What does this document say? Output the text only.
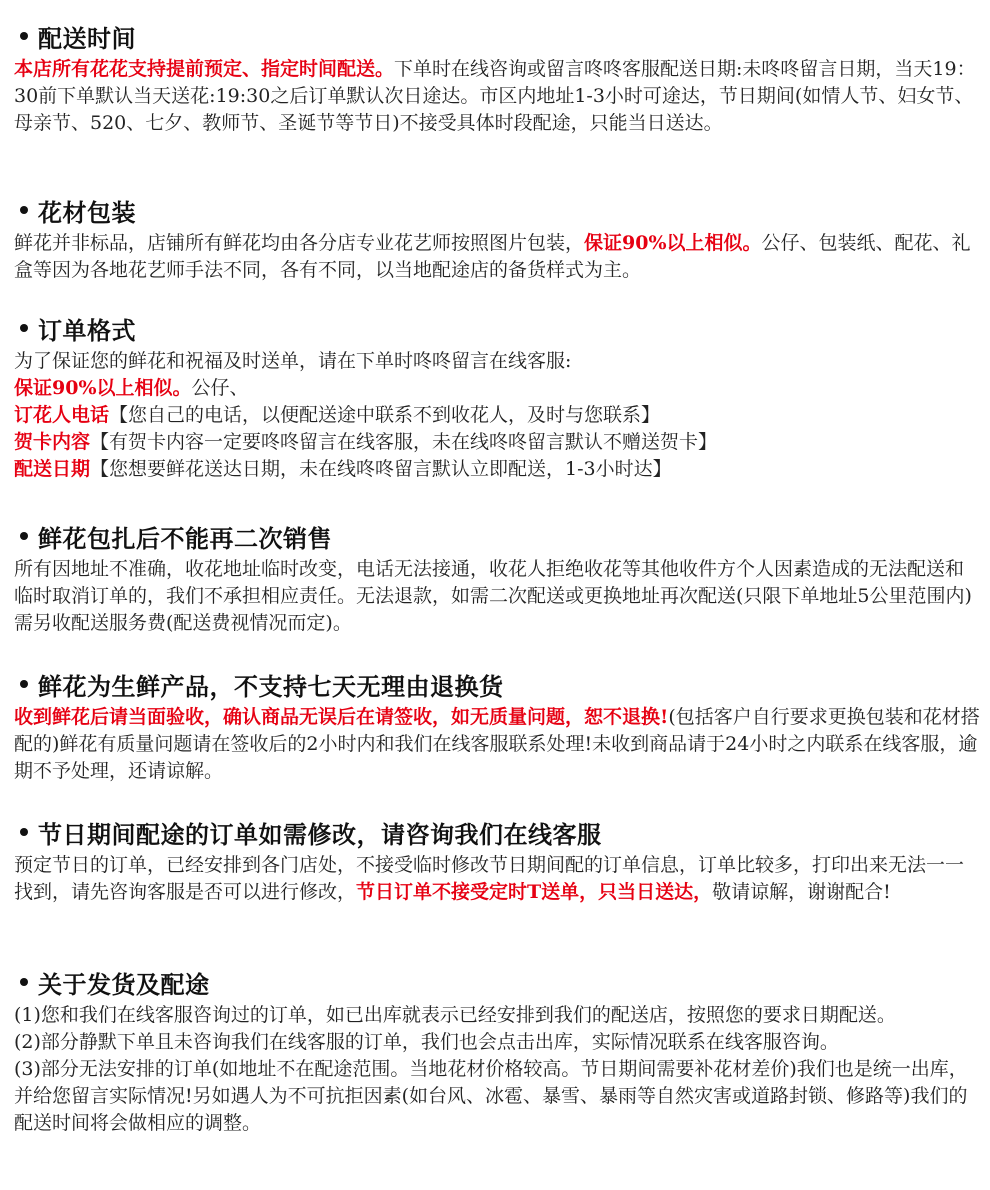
配送时间

本店所有花花支持提前预定、指定时间配送。下单时在线咨询或留言咚咚客服配送日期:未咚咚留言日期，当天19：30前下单默认当天送花:19:30之后订单默认次日途达。市区内地址1-3小时可途达，节日期间(如情人节、妇女节、母亲节、520、七夕、教师节、圣诞节等节日)不接受具体时段配途，只能当日送达。

花材包装

鲜花并非标品，店铺所有鲜花均由各分店专业花艺师按照图片包装，保证90%以上相似。公仔、包装纸、配花、礼盒等因为各地花艺师手法不同，各有不同，以当地配途店的备货样式为主。

订单格式

为了保证您的鲜花和祝福及时送单，请在下单时咚咚留言在线客服:

保证90%以上相似。公仔、

订花人电话【您自己的电话，以便配送途中联系不到收花人，及时与您联系】

贺卡内容【有贺卡内容一定要咚咚留言在线客服，未在线咚咚留言默认不赠送贺卡】

配送日期【您想要鲜花送达日期，未在线咚咚留言默认立即配送，1-3小时达】

鲜花包扎后不能再二次销售

所有因地址不准确，收花地址临时改变，电话无法接通，收花人拒绝收花等其他收件方个人因素造成的无法配送和临时取消订单的，我们不承担相应责任。无法退款，如需二次配送或更换地址再次配送(只限下单地址5公里范围内)需另收配送服务费(配送费视情况而定)。

鲜花为生鲜产品，不支持七天无理由退换货

收到鲜花后请当面验收，确认商品无误后在请签收，如无质量问题，恕不退换!(包括客户自行要求更换包装和花材搭配的)鲜花有质量问题请在签收后的2小时内和我们在线客服联系处理!未收到商品请于24小时之内联系在线客服，逾期不予处理，还请谅解。

节日期间配途的订单如需修改，请咨询我们在线客服

预定节日的订单，已经安排到各门店处，不接受临时修改节日期间配的订单信息，订单比较多，打印出来无法一一找到，请先咨询客服是否可以进行修改，节日订单不接受定时T送单，只当日送达，敬请谅解，谢谢配合!

关于发货及配途

(1)您和我们在线客服咨询过的订单，如已出库就表示已经安排到我们的配送店，按照您的要求日期配送。

(2)部分静默下单且未咨询我们在线客服的订单，我们也会点击出库，实际情况联系在线客服咨询。

(3)部分无法安排的订单(如地址不在配途范围。当地花材价格较高。节日期间需要补花材差价)我们也是统一出库，并给您留言实际情况!另如遇人为不可抗拒因素(如台风、冰雹、暴雪、暴雨等自然灾害或道路封锁、修路等)我们的配送时间将会做相应的调整。
